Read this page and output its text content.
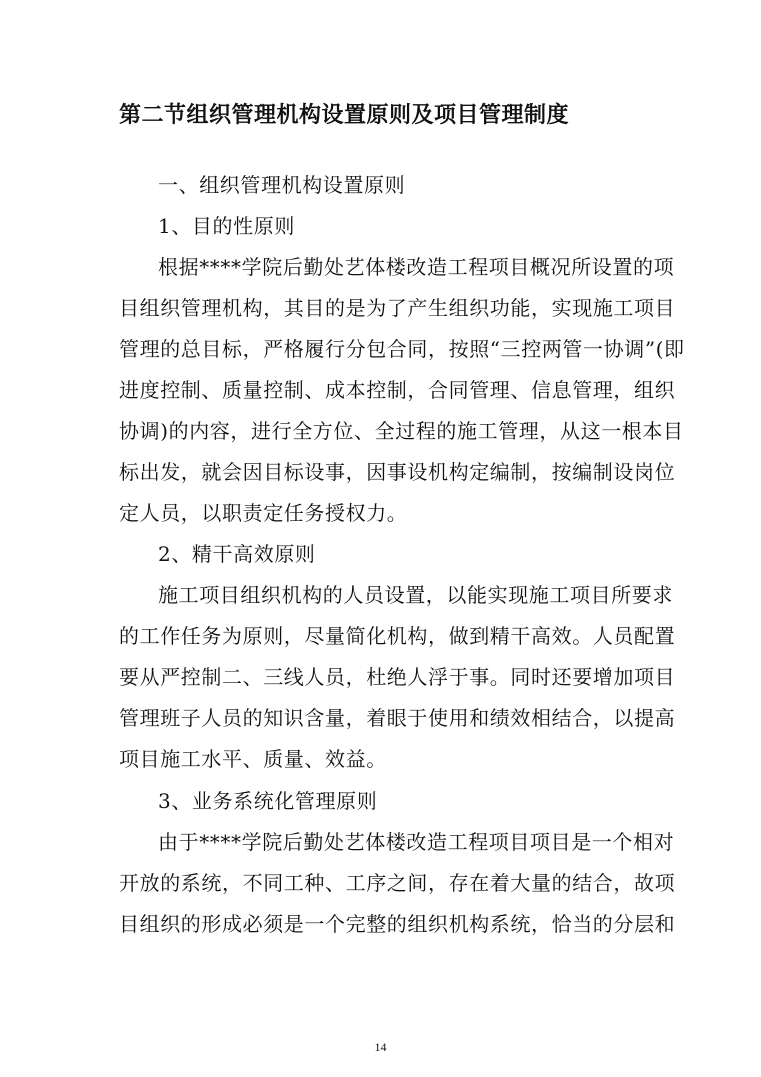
第二节组织管理机构设置原则及项目管理制度
一、组织管理机构设置原则
1、目的性原则
根据****学院后勤处艺体楼改造工程项目概况所设置的项
目组织管理机构，其目的是为了产生组织功能，实现施工项目
管理的总目标，严格履行分包合同，按照“三控两管一协调”(即
进度控制、质量控制、成本控制，合同管理、信息管理，组织
协调)的内容，进行全方位、全过程的施工管理，从这一根本目
标出发，就会因目标设事，因事设机构定编制，按编制设岗位
定人员，以职责定任务授权力。
2、精干高效原则
施工项目组织机构的人员设置，以能实现施工项目所要求
的工作任务为原则，尽量简化机构，做到精干高效。人员配置
要从严控制二、三线人员，杜绝人浮于事。同时还要增加项目
管理班子人员的知识含量，着眼于使用和绩效相结合，以提高
项目施工水平、质量、效益。
3、业务系统化管理原则
由于****学院后勤处艺体楼改造工程项目项目是一个相对
开放的系统，不同工种、工序之间，存在着大量的结合，故项
目组织的形成必须是一个完整的组织机构系统，恰当的分层和
14
